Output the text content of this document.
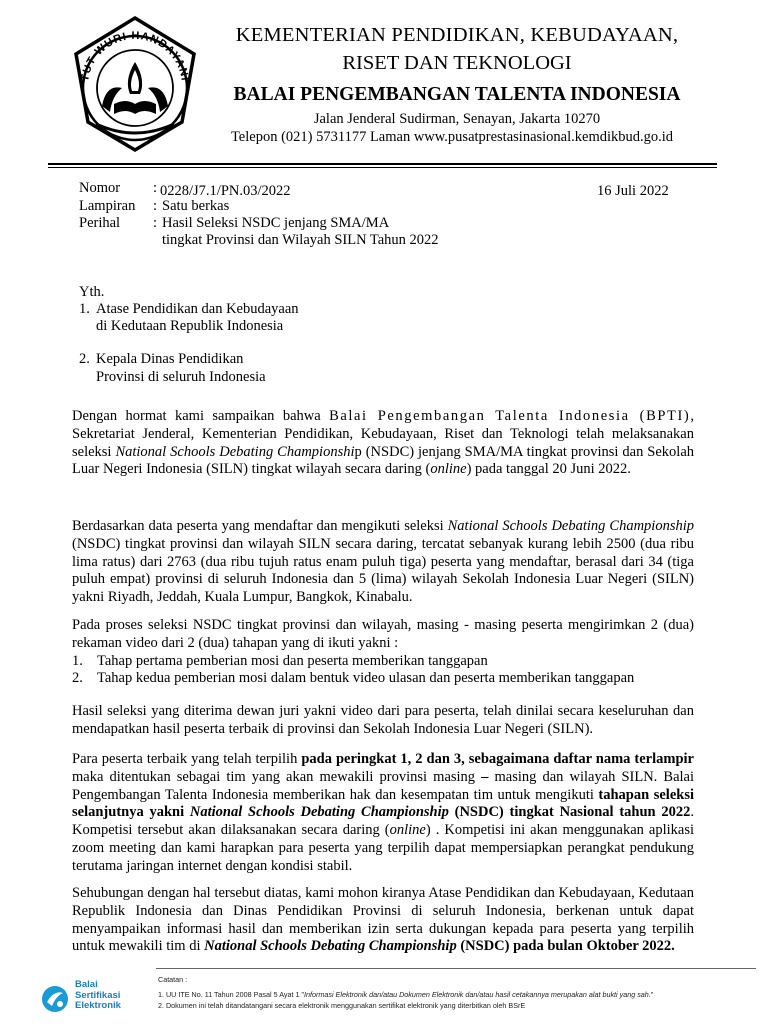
TUT WURI HANDAYANI
KEMENTERIAN PENDIDIKAN, KEBUDAYAAN,
RISET DAN TEKNOLOGI
BALAI PENGEMBANGAN TALENTA INDONESIA
Jalan Jenderal Sudirman, Senayan, Jakarta 10270
Telepon (021) 5731177 Laman www.pusatprestasinasional.kemdikbud.go.id
Nomor : 0228/J7.1/PN.03/2022	16 Juli 2022
Lampiran : Satu berkas
Perihal : Hasil Seleksi NSDC jenjang SMA/MA
tingkat Provinsi dan Wilayah SILN Tahun 2022
Yth.
1. Atase Pendidikan dan Kebudayaan
di Kedutaan Republik Indonesia
2. Kepala Dinas Pendidikan
Provinsi di seluruh Indonesia
Dengan hormat kami sampaikan bahwa Balai Pengembangan Talenta Indonesia (BPTI), Sekretariat Jenderal, Kementerian Pendidikan, Kebudayaan, Riset dan Teknologi telah melaksanakan seleksi National Schools Debating Championship (NSDC) jenjang SMA/MA tingkat provinsi dan Sekolah Luar Negeri Indonesia (SILN) tingkat wilayah secara daring (online) pada tanggal 20 Juni 2022.
Berdasarkan data peserta yang mendaftar dan mengikuti seleksi National Schools Debating Championship (NSDC) tingkat provinsi dan wilayah SILN secara daring, tercatat sebanyak kurang lebih 2500 (dua ribu lima ratus) dari 2763 (dua ribu tujuh ratus enam puluh tiga) peserta yang mendaftar, berasal dari 34 (tiga puluh empat) provinsi di seluruh Indonesia dan 5 (lima) wilayah Sekolah Indonesia Luar Negeri (SILN) yakni Riyadh, Jeddah, Kuala Lumpur, Bangkok, Kinabalu.
Pada proses seleksi NSDC tingkat provinsi dan wilayah, masing - masing peserta mengirimkan 2 (dua) rekaman video dari 2 (dua) tahapan yang di ikuti yakni :
1. Tahap pertama pemberian mosi dan peserta memberikan tanggapan
2. Tahap kedua pemberian mosi dalam bentuk video ulasan dan peserta memberikan tanggapan
Hasil seleksi yang diterima dewan juri yakni video dari para peserta, telah dinilai secara keseluruhan dan mendapatkan hasil peserta terbaik di provinsi dan Sekolah Indonesia Luar Negeri (SILN).
Para peserta terbaik yang telah terpilih pada peringkat 1, 2 dan 3, sebagaimana daftar nama terlampir maka ditentukan sebagai tim yang akan mewakili provinsi masing – masing dan wilayah SILN. Balai Pengembangan Talenta Indonesia memberikan hak dan kesempatan tim untuk mengikuti tahapan seleksi selanjutnya yakni National Schools Debating Championship (NSDC) tingkat Nasional tahun 2022. Kompetisi tersebut akan dilaksanakan secara daring (online) . Kompetisi ini akan menggunakan aplikasi zoom meeting dan kami harapkan para peserta yang terpilih dapat mempersiapkan perangkat pendukung terutama jaringan internet dengan kondisi stabil.
Sehubungan dengan hal tersebut diatas, kami mohon kiranya Atase Pendidikan dan Kebudayaan, Kedutaan Republik Indonesia dan Dinas Pendidikan Provinsi di seluruh Indonesia, berkenan untuk dapat menyampaikan informasi hasil dan memberikan izin serta dukungan kepada para peserta yang terpilih untuk mewakili tim di National Schools Debating Championship (NSDC) pada bulan Oktober 2022.
Balai
Sertifikasi
Elektronik
Catatan :
1. UU ITE No. 11 Tahun 2008 Pasal 5 Ayat 1 "Informasi Elektronik dan/atau Dokumen Elektronik dan/atau hasil cetakannya merupakan alat bukti yang sah."
2. Dokumen ini telah ditandatangani secara elektronik menggunakan sertifikat elektronik yang diterbitkan oleh BSrE
